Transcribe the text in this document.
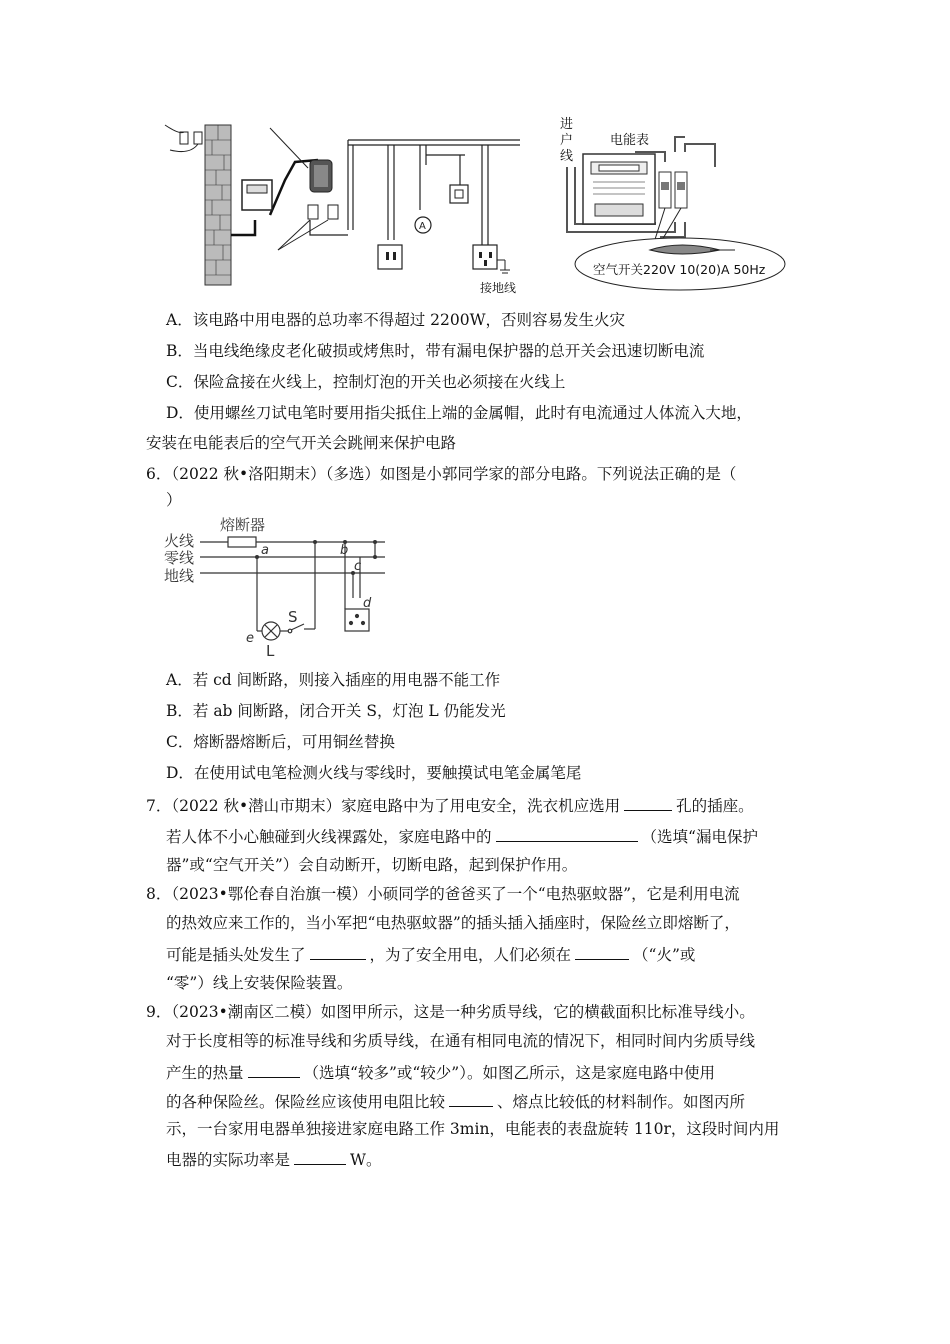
A
接地线
进
户
线
电能表
空气开关220V 10(20)A 50Hz
A．该电路中用电器的总功率不得超过 2200W，否则容易发生火灾
B．当电线绝缘皮老化破损或烤焦时，带有漏电保护器的总开关会迅速切断电流
C．保险盒接在火线上，控制灯泡的开关也必须接在火线上
D．使用螺丝刀试电笔时要用指尖抵住上端的金属帽，此时有电流通过人体流入大地，
安装在电能表后的空气开关会跳闸来保护电路
6．（2022 秋•洛阳期末）（多选）如图是小郭同学家的部分电路。下列说法正确的是（
）
熔断器
火线
零线
地线
a	b
c
d
e
S
L
A．若 cd 间断路，则接入插座的用电器不能工作
B．若 ab 间断路，闭合开关 S，灯泡 L 仍能发光
C．熔断器熔断后，可用铜丝替换
D．在使用试电笔检测火线与零线时，要触摸试电笔金属笔尾
7．（2022 秋•潜山市期末）家庭电路中为了用电安全，洗衣机应选用	孔的插座。
若人体不小心触碰到火线裸露处，家庭电路中的	（选填“漏电保护
器”或“空气开关”）会自动断开，切断电路，起到保护作用。
8．（2023•鄂伦春自治旗一模）小硕同学的爸爸买了一个“电热驱蚊器”，它是利用电流
的热效应来工作的，当小军把“电热驱蚊器”的插头插入插座时，保险丝立即熔断了，
可能是插头处发生了	，为了安全用电，人们必须在	（“火”或
“零”）线上安装保险装置。
9．（2023•潮南区二模）如图甲所示，这是一种劣质导线，它的横截面积比标准导线小。
对于长度相等的标准导线和劣质导线，在通有相同电流的情况下，相同时间内劣质导线
产生的热量	（选填“较多”或“较少”）。如图乙所示，这是家庭电路中使用
的各种保险丝。保险丝应该使用电阻比较	、熔点比较低的材料制作。如图丙所
示，一台家用电器单独接进家庭电路工作 3min，电能表的表盘旋转 110r，这段时间内用
电器的实际功率是	W。
